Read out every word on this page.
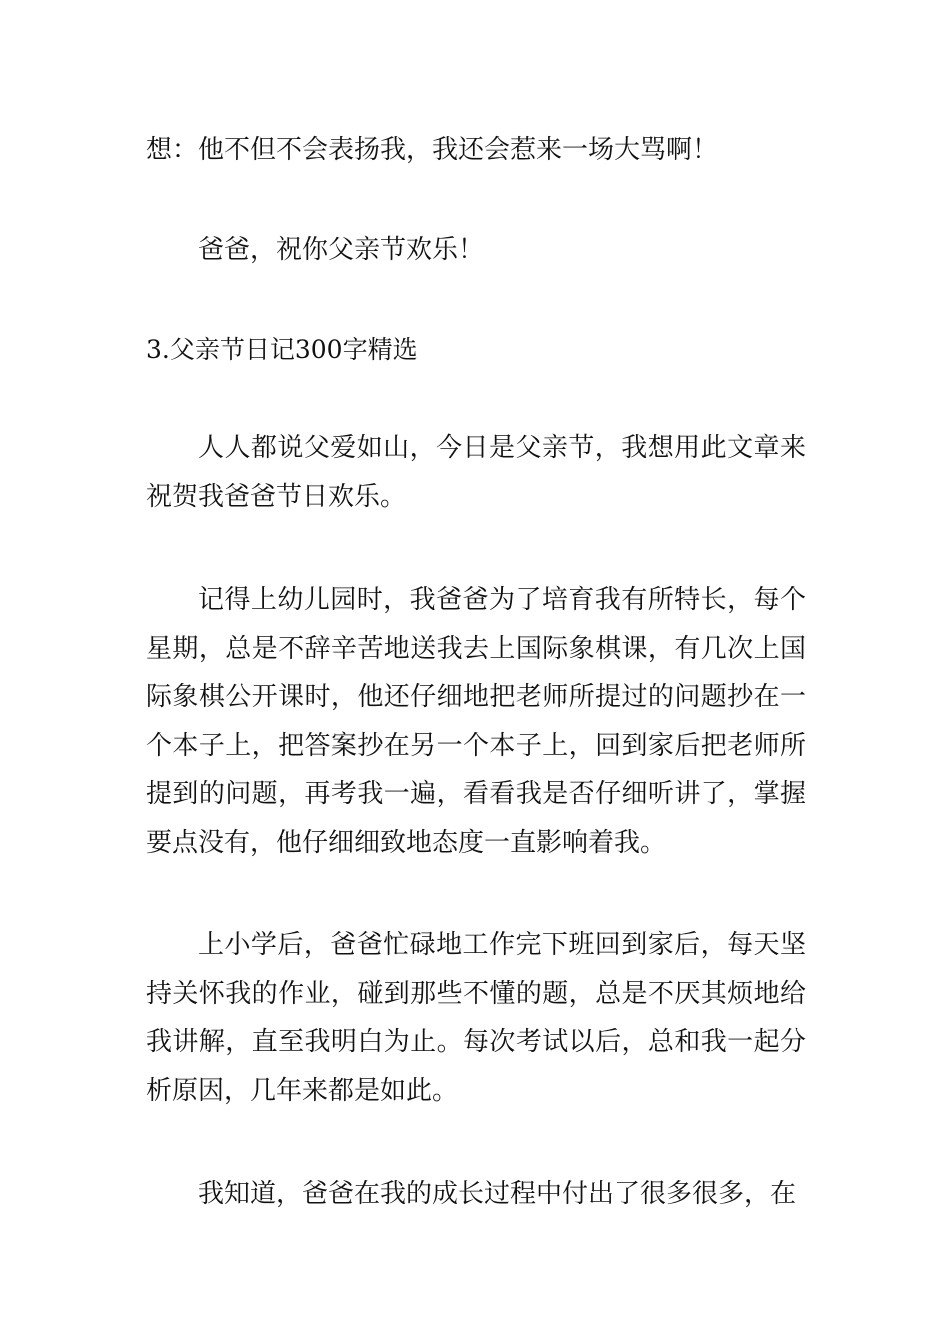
想：他不但不会表扬我，我还会惹来一场大骂啊！

爸爸，祝你父亲节欢乐！

3.父亲节日记300字精选

人人都说父爱如山，今日是父亲节，我想用此文章来祝贺我爸爸节日欢乐。

记得上幼儿园时，我爸爸为了培育我有所特长，每个星期，总是不辞辛苦地送我去上国际象棋课，有几次上国际象棋公开课时，他还仔细地把老师所提过的问题抄在一个本子上，把答案抄在另一个本子上，回到家后把老师所提到的问题，再考我一遍，看看我是否仔细听讲了，掌握要点没有，他仔细细致地态度一直影响着我。

上小学后，爸爸忙碌地工作完下班回到家后，每天坚持关怀我的作业，碰到那些不懂的题，总是不厌其烦地给我讲解，直至我明白为止。每次考试以后，总和我一起分析原因，几年来都是如此。

我知道，爸爸在我的成长过程中付出了很多很多，在
